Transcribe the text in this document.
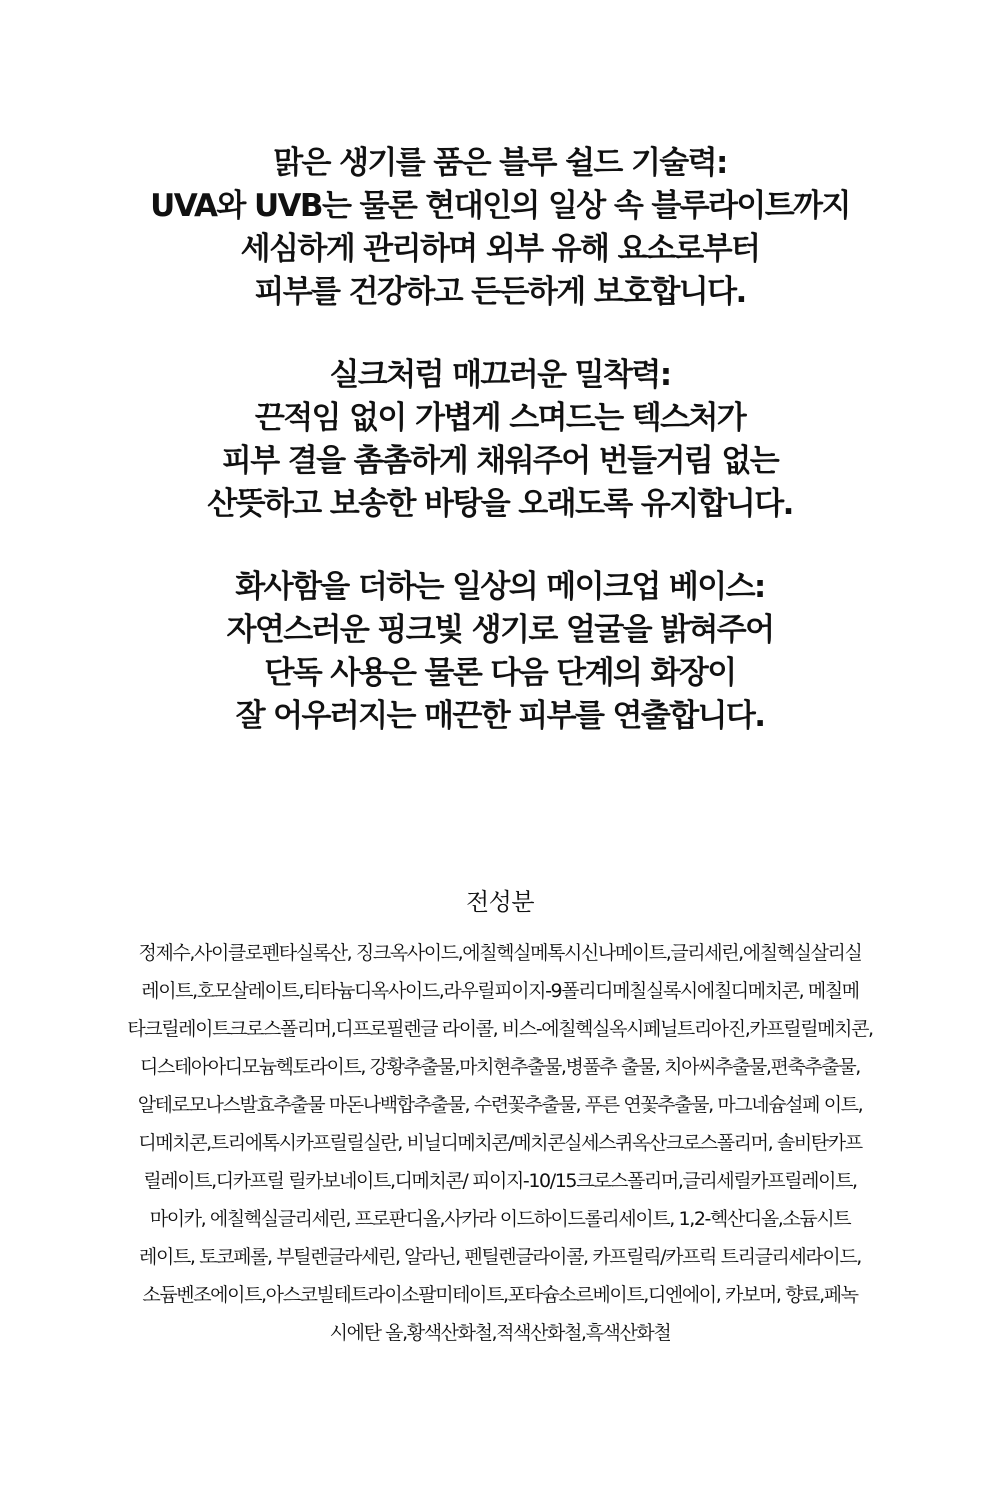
맑은 생기를 품은 블루 쉴드 기술력:
UVA와 UVB는 물론 현대인의 일상 속 블루라이트까지
세심하게 관리하며 외부 유해 요소로부터
피부를 건강하고 든든하게 보호합니다.
실크처럼 매끄러운 밀착력:
끈적임 없이 가볍게 스며드는 텍스처가
피부 결을 촘촘하게 채워주어 번들거림 없는
산뜻하고 보송한 바탕을 오래도록 유지합니다.
화사함을 더하는 일상의 메이크업 베이스:
자연스러운 핑크빛 생기로 얼굴을 밝혀주어
단독 사용은 물론 다음 단계의 화장이
잘 어우러지는 매끈한 피부를 연출합니다.
전성분
정제수,사이클로펜타실록산, 징크옥사이드,에칠헥실메톡시신나메이트,글리세린,에칠헥실살리실
레이트,호모살레이트,티타늄디옥사이드,라우릴피이지-9폴리디메칠실록시에칠디메치콘, 메칠메
타크릴레이트크로스폴리머,디프로필렌글 라이콜, 비스-에칠헥실옥시페닐트리아진,카프릴릴메치콘,
디스테아아디모늄헥토라이트, 강황추출물,마치현추출물,병풀추 출물, 치아씨추출물,편축추출물,
알테로모나스발효추출물 마돈나백합추출물, 수련꽃추출물, 푸른 연꽃추출물, 마그네슘설페 이트,
디메치콘,트리에톡시카프릴릴실란, 비닐디메치콘/메치콘실세스퀴옥산크로스폴리머, 솔비탄카프
릴레이트,디카프릴 릴카보네이트,디메치콘/ 피이지-10/15크로스폴리머,글리세릴카프릴레이트,
마이카, 에칠헥실글리세린, 프로판디올,사카라 이드하이드롤리세이트, 1,2-헥산디올,소듐시트
레이트, 토코페롤, 부틸렌글라세린, 알라닌, 펜틸렌글라이콜, 카프릴릭/카프릭 트리글리세라이드,
소듐벤조에이트,아스코빌테트라이소팔미테이트,포타슘소르베이트,디엔에이, 카보머, 향료,페녹
시에탄 올,황색산화철,적색산화철,흑색산화철
